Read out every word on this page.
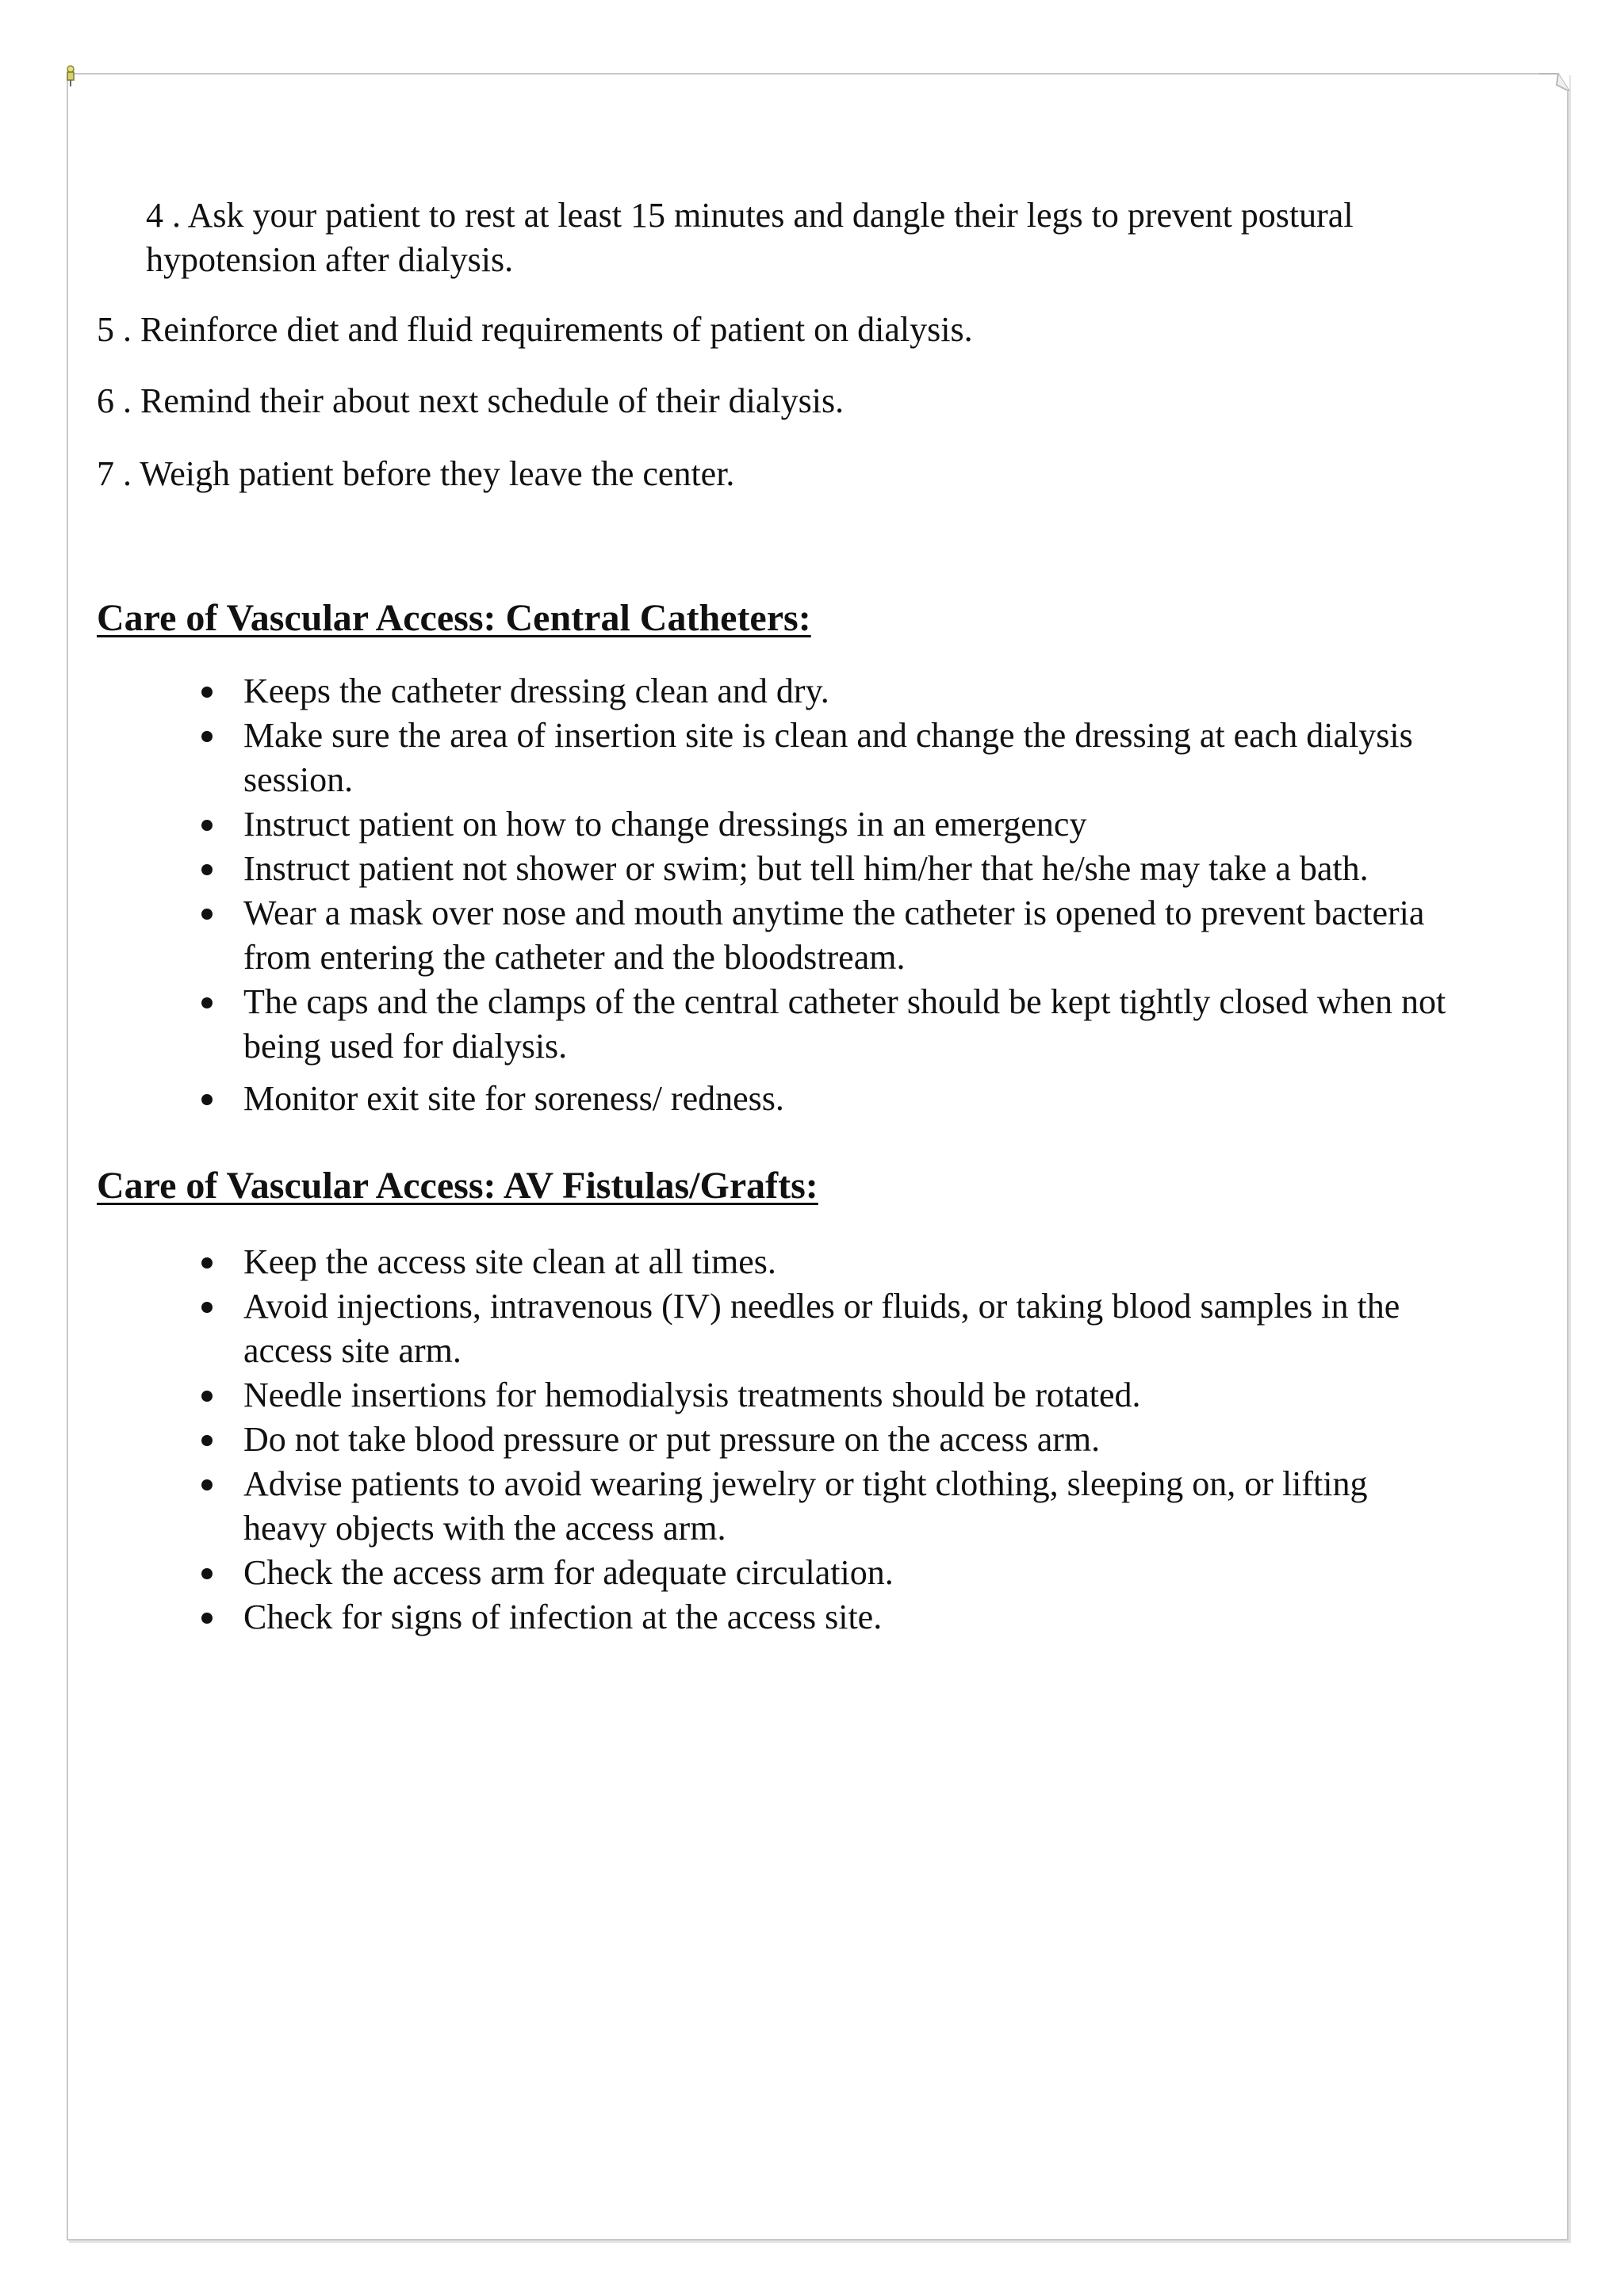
4 . Ask your patient to rest at least 15 minutes and dangle their legs to prevent postural
hypotension after dialysis.

5 . Reinforce diet and fluid requirements of patient on dialysis.

6 . Remind their about next schedule of their dialysis.

7 . Weigh patient before they leave the center.

Care of Vascular Access: Central Catheters:
Keeps the catheter dressing clean and dry.
Make sure the area of insertion site is clean and change the dressing at each dialysis
session.
Instruct patient on how to change dressings in an emergency
Instruct patient not shower or swim; but tell him/her that he/she may take a bath.
Wear a mask over nose and mouth anytime the catheter is opened to prevent bacteria
from entering the catheter and the bloodstream.
The caps and the clamps of the central catheter should be kept tightly closed when not
being used for dialysis.
Monitor exit site for soreness/ redness.
Care of Vascular Access: AV Fistulas/Grafts:
Keep the access site clean at all times.
Avoid injections, intravenous (IV) needles or fluids, or taking blood samples in the
access site arm.
Needle insertions for hemodialysis treatments should be rotated.
Do not take blood pressure or put pressure on the access arm.
Advise patients to avoid wearing jewelry or tight clothing, sleeping on, or lifting
heavy objects with the access arm.
Check the access arm for adequate circulation.
Check for signs of infection at the access site.
